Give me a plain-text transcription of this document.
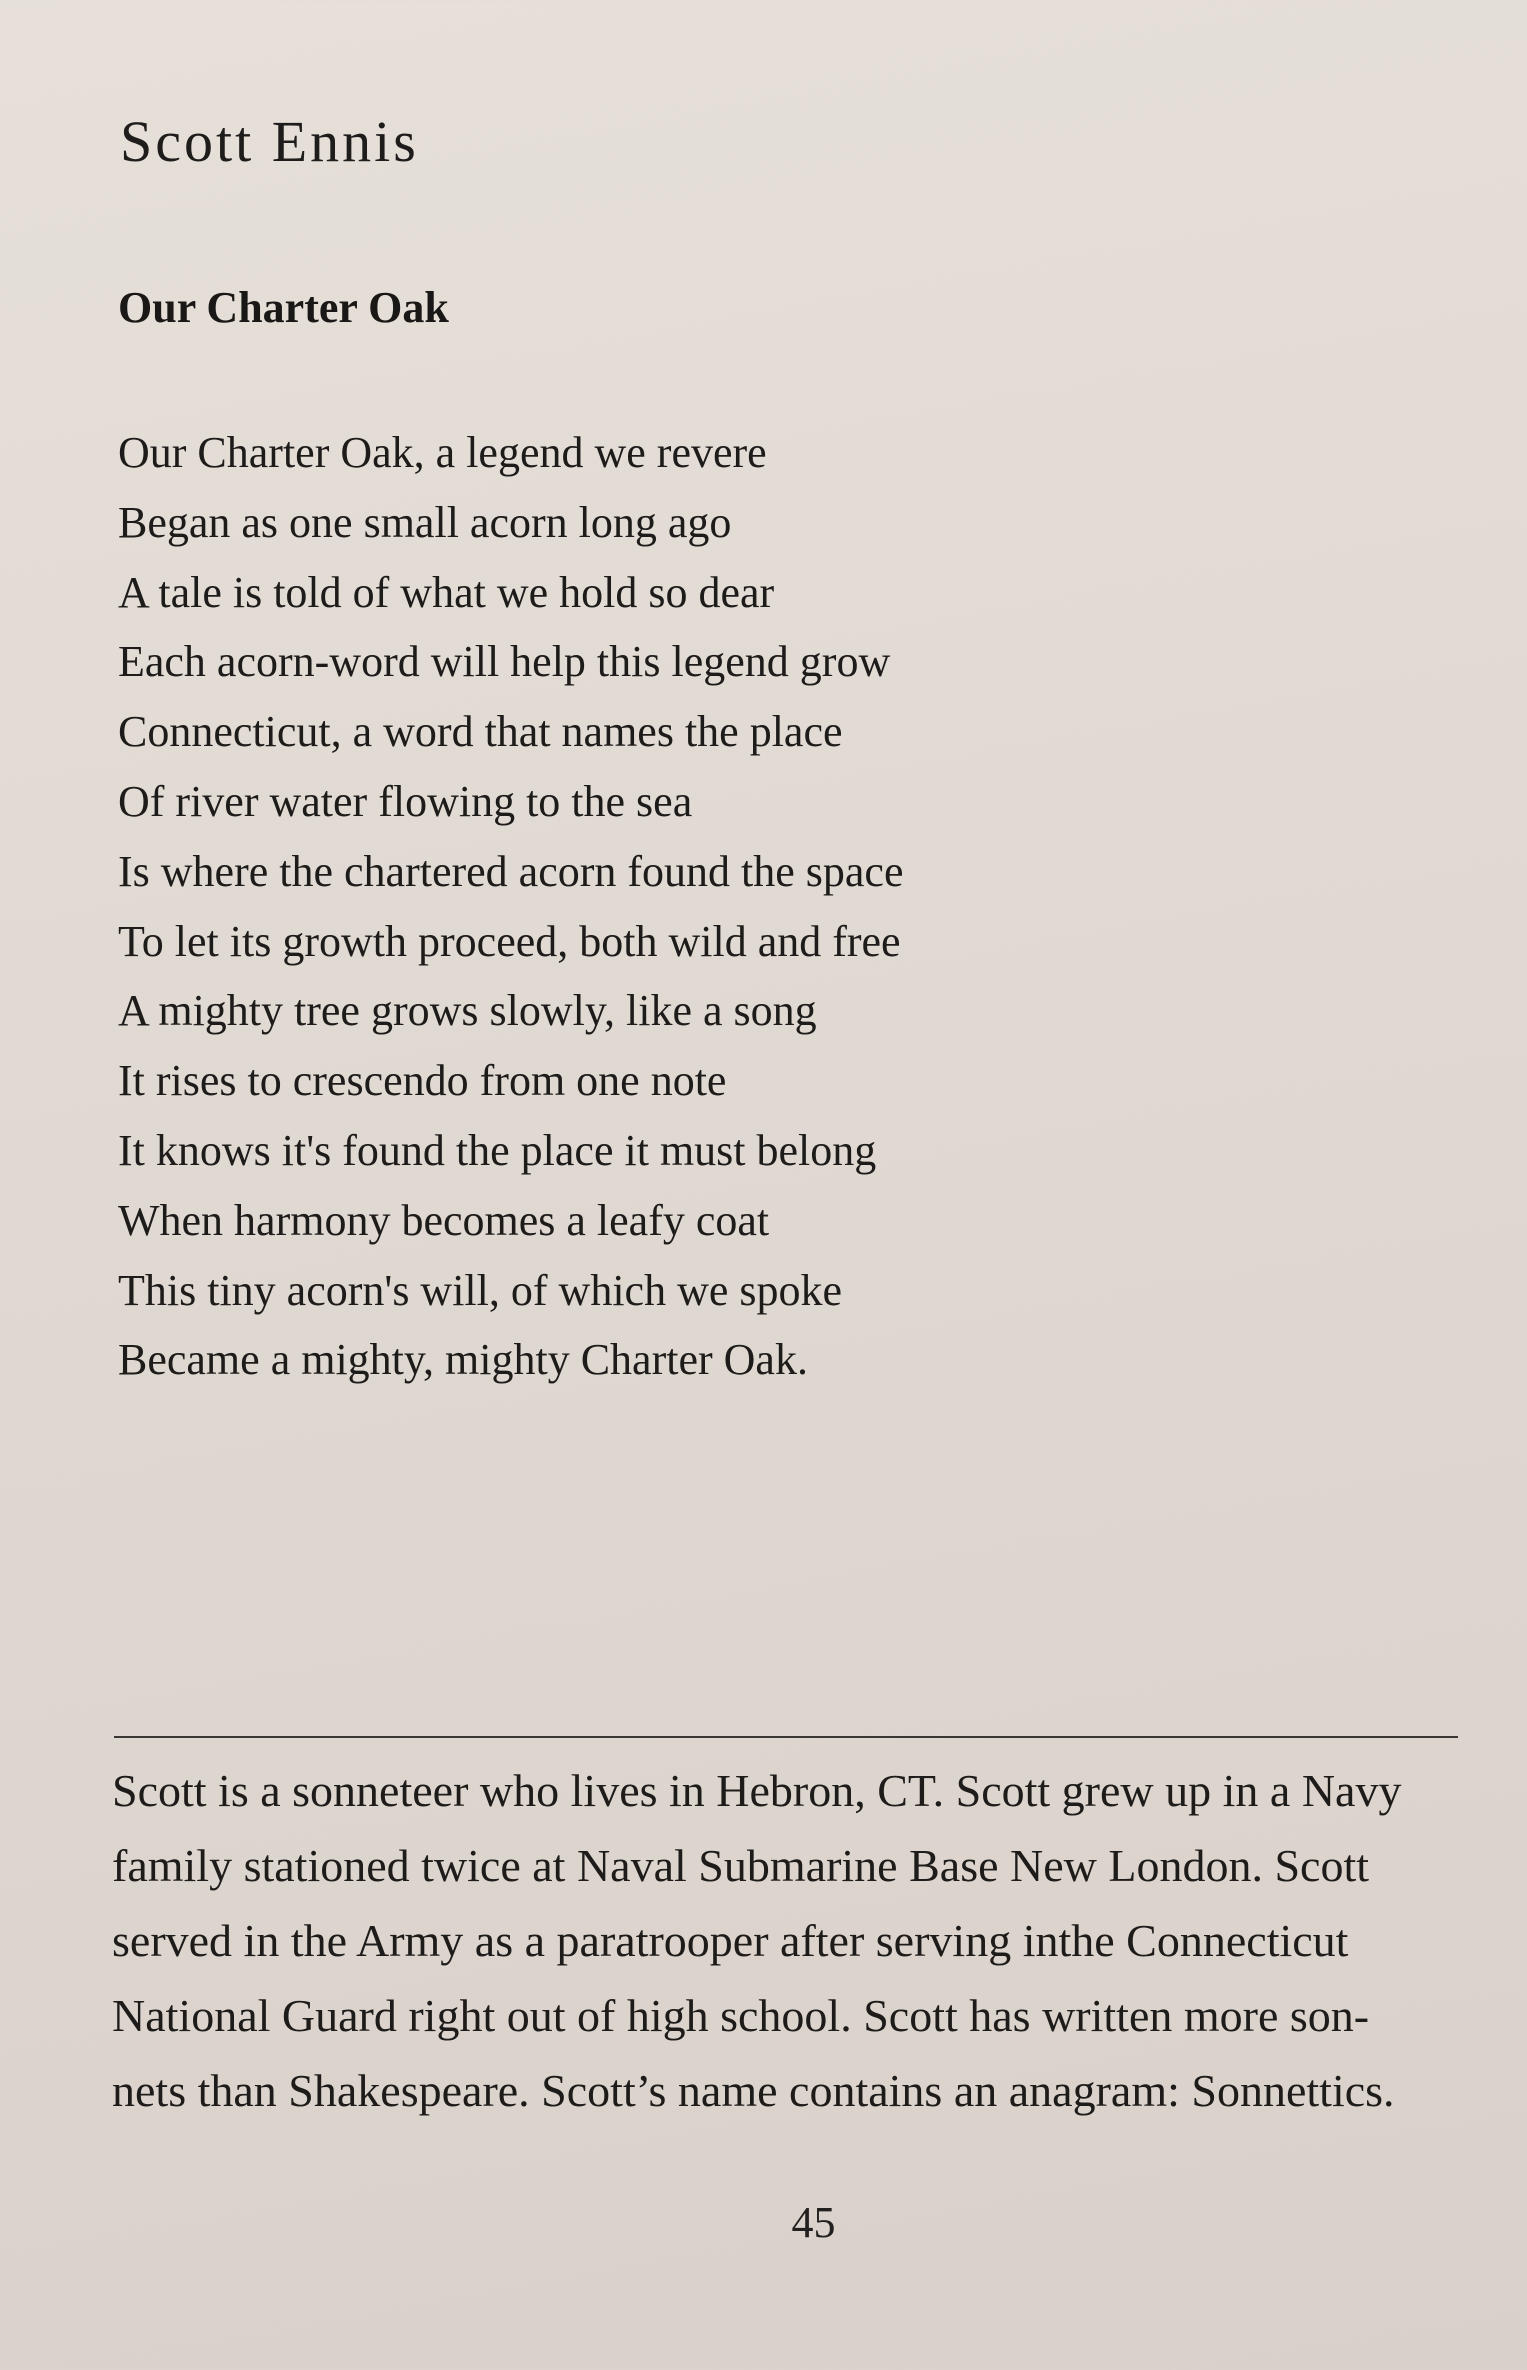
Scott Ennis
Our Charter Oak
Our Charter Oak, a legend we revere
Began as one small acorn long ago
A tale is told of what we hold so dear
Each acorn-word will help this legend grow
Connecticut, a word that names the place
Of river water flowing to the sea
Is where the chartered acorn found the space
To let its growth proceed, both wild and free
A mighty tree grows slowly, like a song
It rises to crescendo from one note
It knows it's found the place it must belong
When harmony becomes a leafy coat
This tiny acorn's will, of which we spoke
Became a mighty, mighty Charter Oak.
Scott is a sonneteer who lives in Hebron, CT. Scott grew up in a Navy
family stationed twice at Naval Submarine Base New London. Scott
served in the Army as a paratrooper after serving inthe Connecticut
National Guard right out of high school. Scott has written more son-
nets than Shakespeare. Scott’s name contains an anagram: Sonnettics.
45
